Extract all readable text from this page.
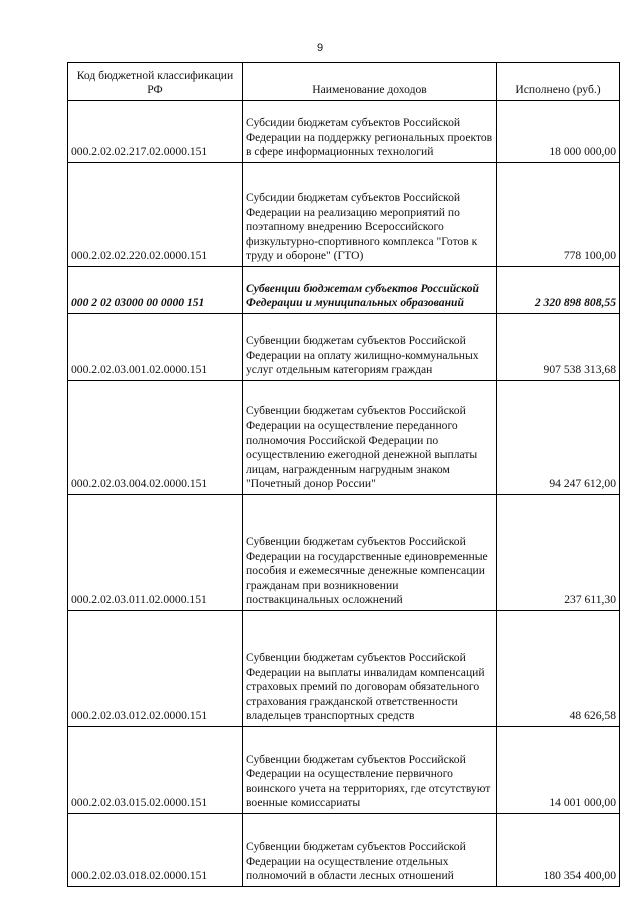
9
Код бюджетной классификации РФ	Наименование доходов	Исполнено (руб.)
000.2.02.02.217.02.0000.151	Субсидии бюджетам субъектов Российской Федерации на поддержку региональных проектов в сфере информационных технологий	18 000 000,00
000.2.02.02.220.02.0000.151	Субсидии бюджетам субъектов Российской Федерации на реализацию мероприятий по поэтапному внедрению Всероссийского физкультурно-спортивного комплекса "Готов к труду и обороне" (ГТО)	778 100,00
000 2 02 03000 00 0000 151	Субвенции бюджетам субъектов Российской Федерации и муниципальных образований	2 320 898 808,55
000.2.02.03.001.02.0000.151	Субвенции бюджетам субъектов Российской Федерации на оплату жилищно-коммунальных услуг отдельным категориям граждан	907 538 313,68
000.2.02.03.004.02.0000.151	Субвенции бюджетам субъектов Российской Федерации на осуществление переданного полномочия Российской Федерации по осуществлению ежегодной денежной выплаты лицам, награжденным нагрудным знаком "Почетный донор России"	94 247 612,00
000.2.02.03.011.02.0000.151	Субвенции бюджетам субъектов Российской Федерации на государственные единовременные пособия и ежемесячные денежные компенсации гражданам при возникновении поствакцинальных осложнений	237 611,30
000.2.02.03.012.02.0000.151	Субвенции бюджетам субъектов Российской Федерации на выплаты инвалидам компенсаций страховых премий по договорам обязательного страхования гражданской ответственности владельцев транспортных средств	48 626,58
000.2.02.03.015.02.0000.151	Субвенции бюджетам субъектов Российской Федерации на осуществление первичного воинского учета на территориях, где отсутствуют военные комиссариаты	14 001 000,00
000.2.02.03.018.02.0000.151	Субвенции бюджетам субъектов Российской Федерации на осуществление отдельных полномочий в области лесных отношений	180 354 400,00
